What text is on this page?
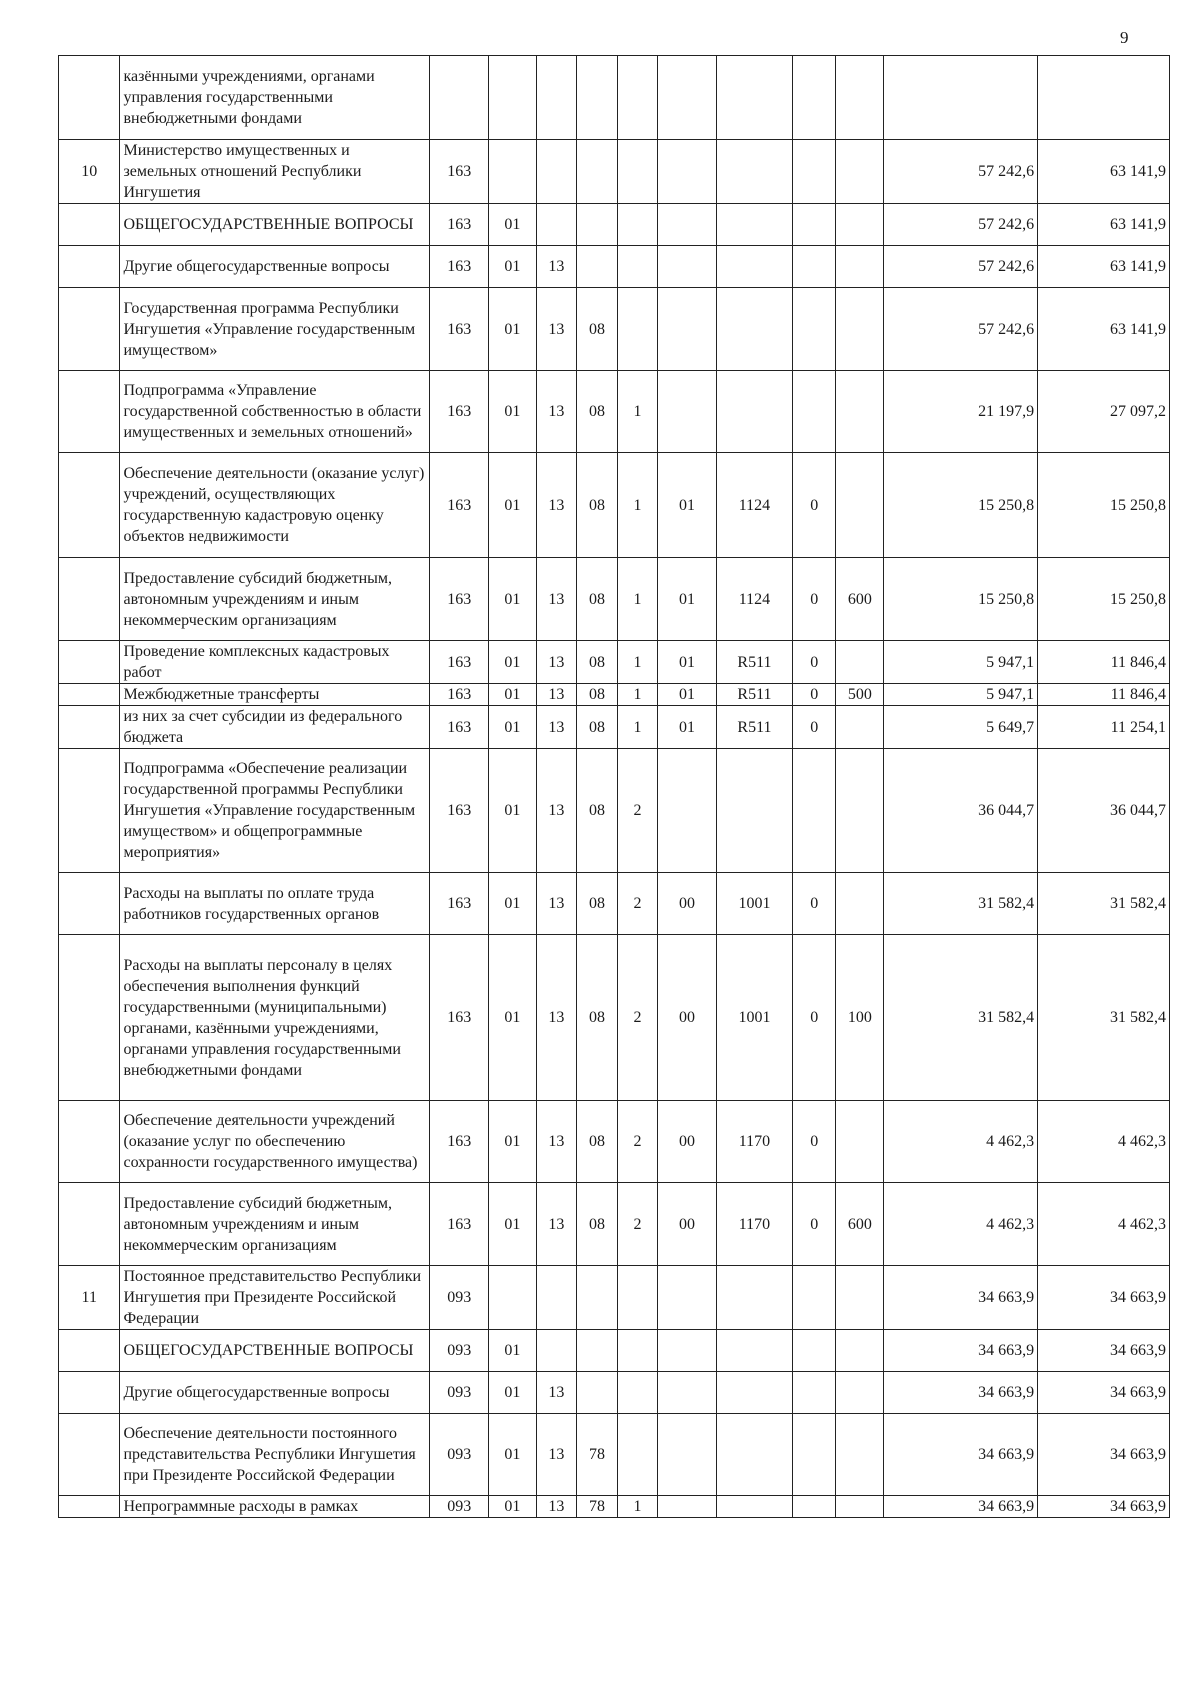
9
	казёнными учреждениями, органами управления государственными внебюджетными фондами											
10	Министерство имущественных и земельных отношений Республики Ингушетия	163									57 242,6	63 141,9
	ОБЩЕГОСУДАРСТВЕННЫЕ ВОПРОСЫ	163	01								57 242,6	63 141,9
	Другие общегосударственные вопросы	163	01	13							57 242,6	63 141,9
	Государственная программа Республики Ингушетия «Управление государственным имуществом»	163	01	13	08						57 242,6	63 141,9
	Подпрограмма «Управление государственной собственностью в области имущественных и земельных отношений»	163	01	13	08	1					21 197,9	27 097,2
	Обеспечение деятельности (оказание услуг) учреждений, осуществляющих государственную кадастровую оценку объектов недвижимости	163	01	13	08	1	01	1124	0		15 250,8	15 250,8
	Предоставление субсидий бюджетным, автономным учреждениям и иным некоммерческим организациям	163	01	13	08	1	01	1124	0	600	15 250,8	15 250,8
	Проведение комплексных кадастровых работ	163	01	13	08	1	01	R511	0		5 947,1	11 846,4
	Межбюджетные трансферты	163	01	13	08	1	01	R511	0	500	5 947,1	11 846,4
	из них за счет субсидии из федерального бюджета	163	01	13	08	1	01	R511	0		5 649,7	11 254,1
	Подпрограмма «Обеспечение реализации государственной программы Республики Ингушетия «Управление государственным имуществом» и общепрограммные мероприятия»	163	01	13	08	2					36 044,7	36 044,7
	Расходы на выплаты по оплате труда работников государственных органов	163	01	13	08	2	00	1001	0		31 582,4	31 582,4
	Расходы на выплаты персоналу в целях обеспечения выполнения функций государственными (муниципальными) органами, казёнными учреждениями, органами управления государственными внебюджетными фондами	163	01	13	08	2	00	1001	0	100	31 582,4	31 582,4
	Обеспечение деятельности учреждений (оказание услуг по обеспечению сохранности государственного имущества)	163	01	13	08	2	00	1170	0		4 462,3	4 462,3
	Предоставление субсидий бюджетным, автономным учреждениям и иным некоммерческим организациям	163	01	13	08	2	00	1170	0	600	4 462,3	4 462,3
11	Постоянное представительство Республики Ингушетия при Президенте Российской Федерации	093									34 663,9	34 663,9
	ОБЩЕГОСУДАРСТВЕННЫЕ ВОПРОСЫ	093	01								34 663,9	34 663,9
	Другие общегосударственные вопросы	093	01	13							34 663,9	34 663,9
	Обеспечение деятельности постоянного представительства Республики Ингушетия при Президенте Российской Федерации	093	01	13	78						34 663,9	34 663,9
	Непрограммные расходы в рамках	093	01	13	78	1					34 663,9	34 663,9
